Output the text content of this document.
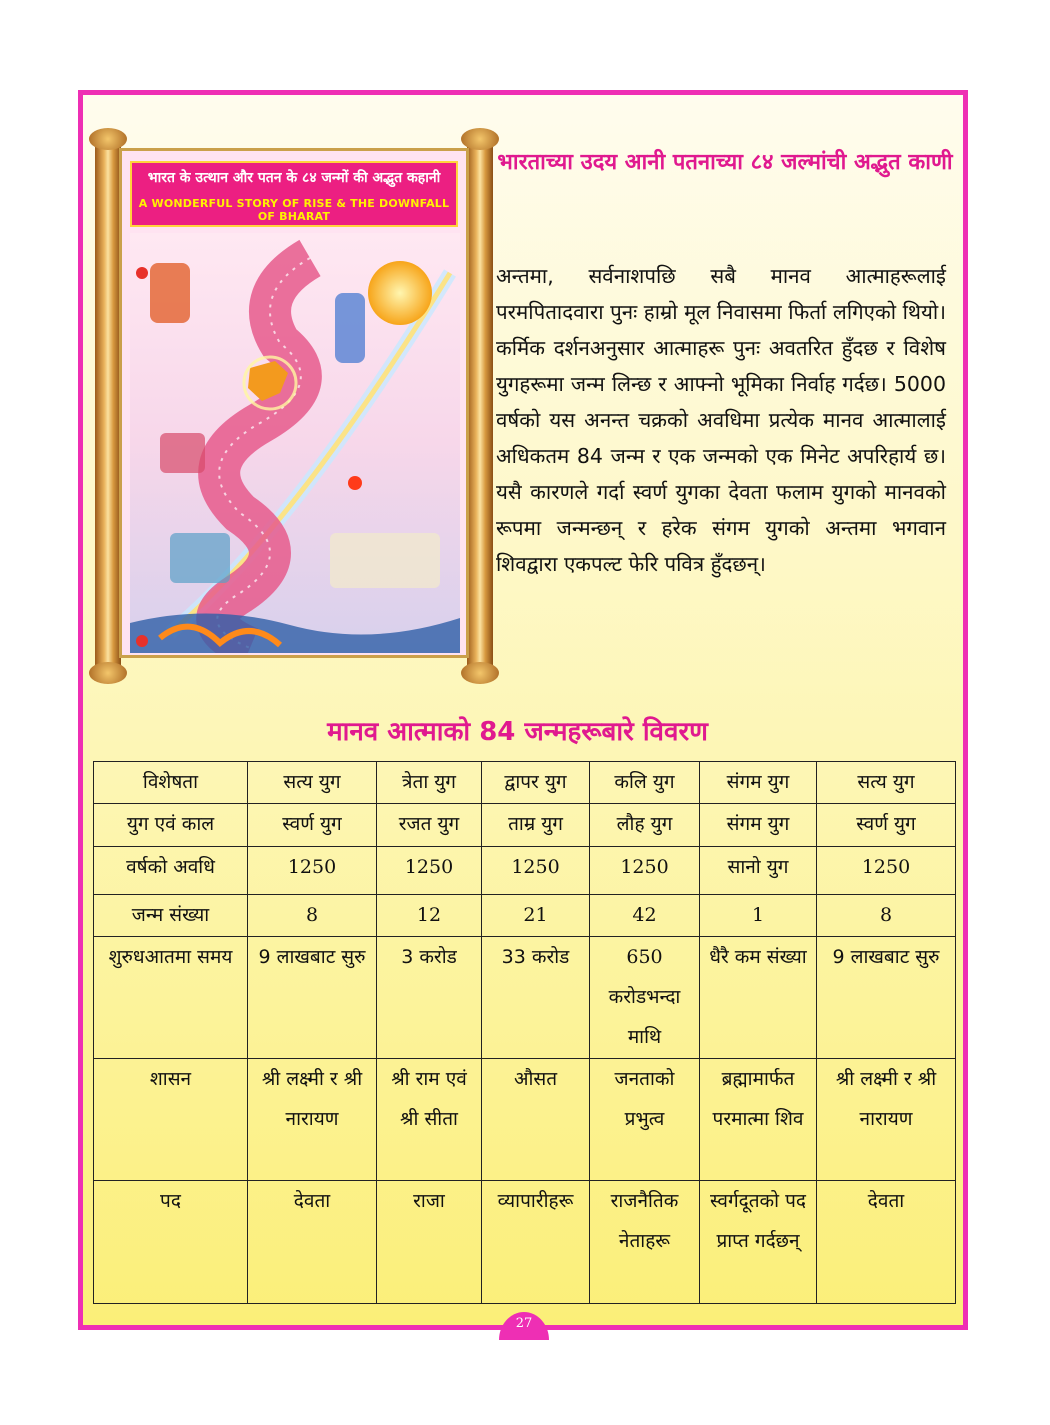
भारत के उत्थान और पतन के ८४ जन्मों की अद्भुत कहानी
A WONDERFUL STORY OF RISE & THE DOWNFALL OF BHARAT
भारताच्या उदय आनी पतनाच्या ८४ जल्मांची अद्भुत काणी
अन्तमा, सर्वनाशपछि सबै मानव आत्माहरूलाई परमपितादवारा पुनः हाम्रो मूल निवासमा फिर्ता लगिएको थियो। कर्मिक दर्शनअनुसार आत्माहरू पुनः अवतरित हुँदछ र विशेष युगहरूमा जन्म लिन्छ र आफ्नो भूमिका निर्वाह गर्दछ। 5000 वर्षको यस अनन्त चक्रको अवधिमा प्रत्येक मानव आत्मालाई अधिकतम 84 जन्म र एक जन्मको एक मिनेट अपरिहार्य छ। यसै कारणले गर्दा स्वर्ण युगका देवता फलाम युगको मानवको रूपमा जन्मन्छन् र हरेक संगम युगको अन्तमा भगवान शिवद्वारा एकपल्ट फेरि पवित्र हुँदछन्।
मानव आत्माको 84 जन्महरूबारे विवरण
विशेषता	सत्य युग	त्रेता युग	द्वापर युग	कलि युग	संगम युग	सत्य युग
युग एवं काल	स्वर्ण युग	रजत युग	ताम्र युग	लौह युग	संगम युग	स्वर्ण युग
वर्षको अवधि	1250	1250	1250	1250	सानो युग	1250
जन्म संख्या	8	12	21	42	1	8
शुरुधआतमा समय	9 लाखबाट सुरु	3 करोड	33 करोड	650 करोडभन्दा माथि	धैरै कम संख्या	9 लाखबाट सुरु
शासन	श्री लक्ष्मी र श्री नारायण	श्री राम एवं श्री सीता	औसत	जनताको प्रभुत्व	ब्रह्मामार्फत परमात्मा शिव	श्री लक्ष्मी र श्री नारायण
पद	देवता	राजा	व्यापारीहरू	राजनैतिक नेताहरू	स्वर्गदूतको पद प्राप्त गर्दछन्	देवता
27
